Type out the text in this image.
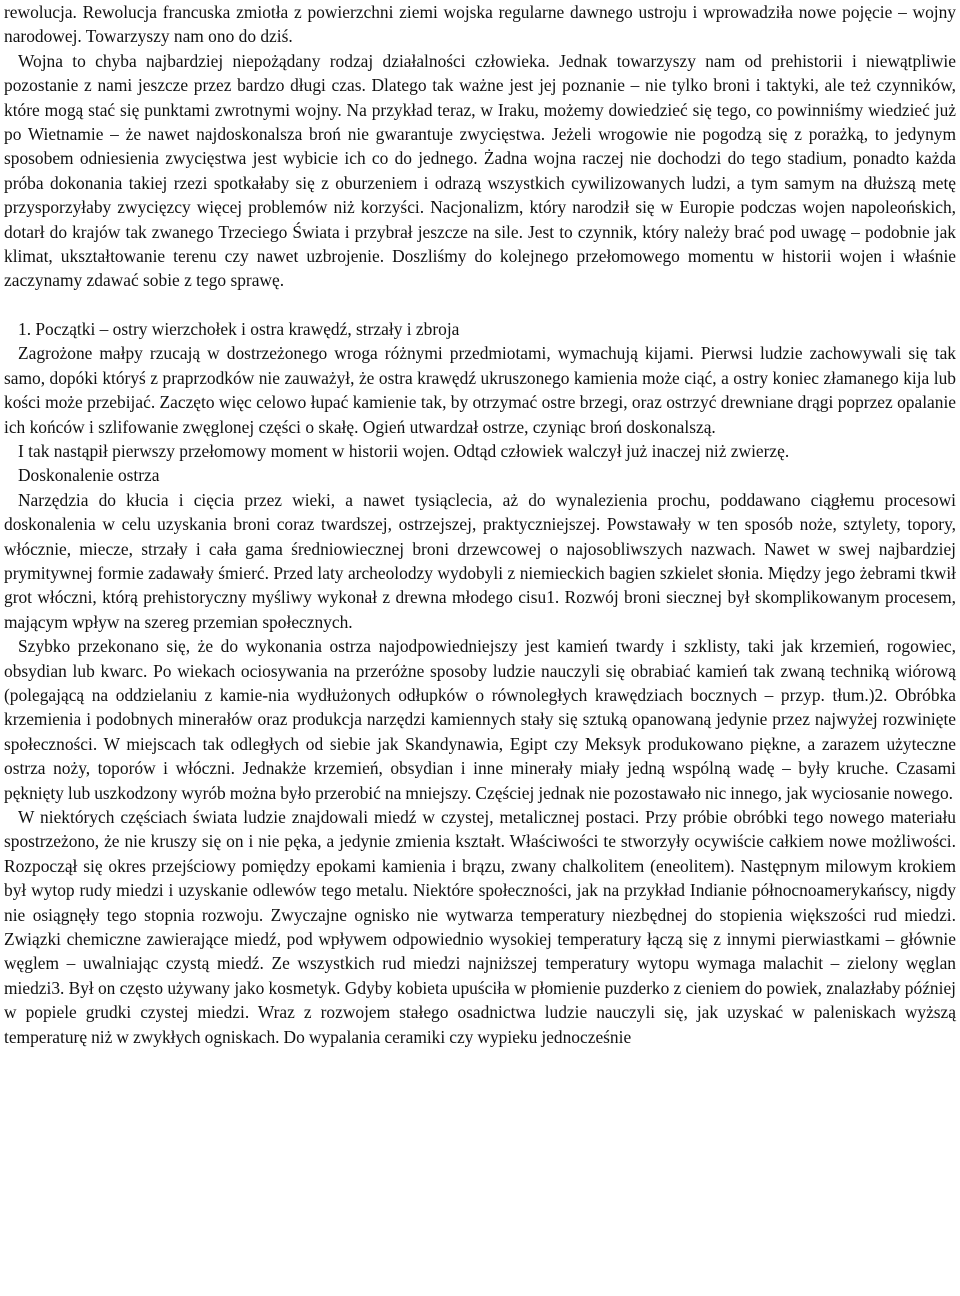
rewolucja. Rewolucja francuska zmiotła z powierzchni ziemi wojska regularne dawnego ustroju i wprowadziła nowe pojęcie – wojny narodowej. Towarzyszy nam ono do dziś.

Wojna to chyba najbardziej niepożądany rodzaj działalności człowieka. Jednak towarzyszy nam od prehistorii i niewątpliwie pozostanie z nami jeszcze przez bardzo długi czas. Dlatego tak ważne jest jej poznanie – nie tylko broni i taktyki, ale też czynników, które mogą stać się punktami zwrotnymi wojny. Na przykład teraz, w Iraku, możemy dowiedzieć się tego, co powinniśmy wiedzieć już po Wietnamie – że nawet najdoskonalsza broń nie gwarantuje zwycięstwa. Jeżeli wrogowie nie pogodzą się z porażką, to jedynym sposobem odniesienia zwycięstwa jest wybicie ich co do jednego. Żadna wojna raczej nie dochodzi do tego stadium, ponadto każda próba dokonania takiej rzezi spotkałaby się z oburzeniem i odrazą wszystkich cywilizowanych ludzi, a tym samym na dłuższą metę przysporzyłaby zwycięzcy więcej problemów niż korzyści. Nacjonalizm, który narodził się w Europie podczas wojen napoleońskich, dotarł do krajów tak zwanego Trzeciego Świata i przybrał jeszcze na sile. Jest to czynnik, który należy brać pod uwagę – podobnie jak klimat, ukształtowanie terenu czy nawet uzbrojenie. Doszliśmy do kolejnego przełomowego momentu w historii wojen i właśnie zaczynamy zdawać sobie z tego sprawę.

1. Początki – ostry wierzchołek i ostra krawędź, strzały i zbroja

Zagrożone małpy rzucają w dostrzeżonego wroga różnymi przedmiotami, wymachują kijami. Pierwsi ludzie zachowywali się tak samo, dopóki któryś z praprzodków nie zauważył, że ostra krawędź ukruszonego kamienia może ciąć, a ostry koniec złamanego kija lub kości może przebijać. Zaczęto więc celowo łupać kamienie tak, by otrzymać ostre brzegi, oraz ostrzyć drewniane drągi poprzez opalanie ich końców i szlifowanie zwęglonej części o skałę. Ogień utwardzał ostrze, czyniąc broń doskonalszą.

I tak nastąpił pierwszy przełomowy moment w historii wojen. Odtąd człowiek walczył już inaczej niż zwierzę.

Doskonalenie ostrza

Narzędzia do kłucia i cięcia przez wieki, a nawet tysiąclecia, aż do wynalezienia prochu, poddawano ciągłemu procesowi doskonalenia w celu uzyskania broni coraz twardszej, ostrzejszej, praktyczniejszej. Powstawały w ten sposób noże, sztylety, topory, włócznie, miecze, strzały i cała gama średniowiecznej broni drzewcowej o najosobliwszych nazwach. Nawet w swej najbardziej prymitywnej formie zadawały śmierć. Przed laty archeolodzy wydobyli z niemieckich bagien szkielet słonia. Między jego żebrami tkwił grot włóczni, którą prehistoryczny myśliwy wykonał z drewna młodego cisu1. Rozwój broni siecznej był skomplikowanym procesem, mającym wpływ na szereg przemian społecznych.

Szybko przekonano się, że do wykonania ostrza najodpowiedniejszy jest kamień twardy i szklisty, taki jak krzemień, rogowiec, obsydian lub kwarc. Po wiekach ociosywania na przeróżne sposoby ludzie nauczyli się obrabiać kamień tak zwaną techniką wiórową (polegającą na oddzielaniu z kamie-nia wydłużonych odłupków o równoległych krawędziach bocznych – przyp. tłum.)2. Obróbka krzemienia i podobnych minerałów oraz produkcja narzędzi kamiennych stały się sztuką opanowaną jedynie przez najwyżej rozwinięte społeczności. W miejscach tak odległych od siebie jak Skandynawia, Egipt czy Meksyk produkowano piękne, a zarazem użyteczne ostrza noży, toporów i włóczni. Jednakże krzemień, obsydian i inne minerały miały jedną wspólną wadę – były kruche. Czasami pęknięty lub uszkodzony wyrób można było przerobić na mniejszy. Częściej jednak nie pozostawało nic innego, jak wyciosanie nowego.

W niektórych częściach świata ludzie znajdowali miedź w czystej, metalicznej postaci. Przy próbie obróbki tego nowego materiału spostrzeżono, że nie kruszy się on i nie pęka, a jedynie zmienia kształt. Właściwości te stworzyły ocywiście całkiem nowe możliwości. Rozpoczął się okres przejściowy pomiędzy epokami kamienia i brązu, zwany chalkolitem (eneolitem). Następnym milowym krokiem był wytop rudy miedzi i uzyskanie odlewów tego metalu. Niektóre społeczności, jak na przykład Indianie północnoamerykańscy, nigdy nie osiągnęły tego stopnia rozwoju. Zwyczajne ognisko nie wytwarza temperatury niezbędnej do stopienia większości rud miedzi. Związki chemiczne zawierające miedź, pod wpływem odpowiednio wysokiej temperatury łączą się z innymi pierwiastkami – głównie węglem – uwalniając czystą miedź. Ze wszystkich rud miedzi najniższej temperatury wytopu wymaga malachit – zielony węglan miedzi3. Był on często używany jako kosmetyk. Gdyby kobieta upuściła w płomienie puzderko z cieniem do powiek, znalazłaby później w popiele grudki czystej miedzi. Wraz z rozwojem stałego osadnictwa ludzie nauczyli się, jak uzyskać w paleniskach wyższą temperaturę niż w zwykłych ogniskach. Do wypalania ceramiki czy wypieku jednocześnie
